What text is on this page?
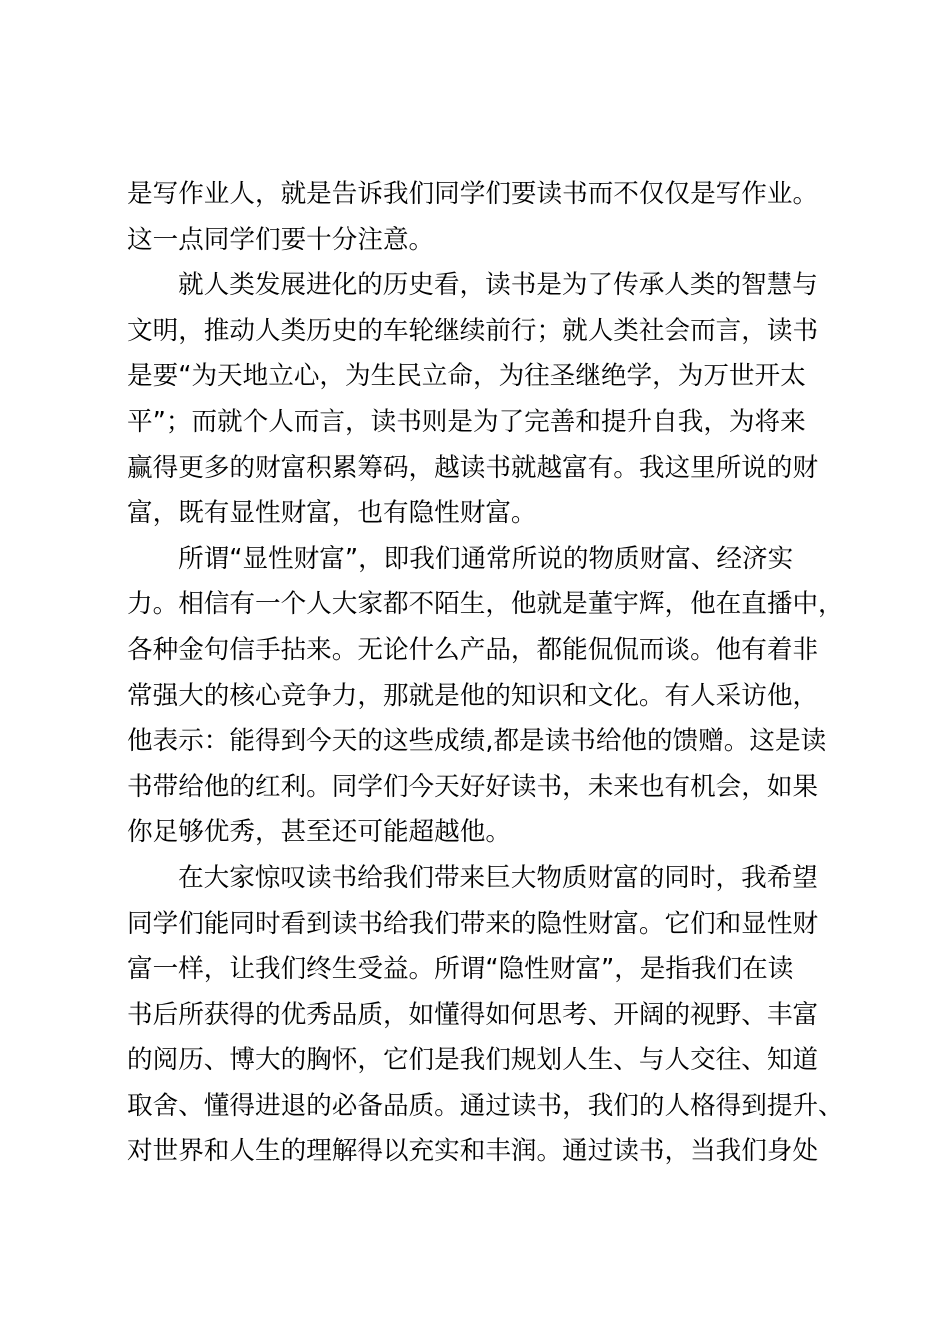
是写作业人，就是告诉我们同学们要读书而不仅仅是写作业。
这一点同学们要十分注意。
就人类发展进化的历史看，读书是为了传承人类的智慧与
文明，推动人类历史的车轮继续前行；就人类社会而言，读书
是要“为天地立心，为生民立命，为往圣继绝学，为万世开太
平”；而就个人而言，读书则是为了完善和提升自我，为将来
赢得更多的财富积累筹码，越读书就越富有。我这里所说的财
富，既有显性财富，也有隐性财富。
所谓“显性财富”，即我们通常所说的物质财富、经济实
力。相信有一个人大家都不陌生，他就是董宇辉，他在直播中，
各种金句信手拈来。无论什么产品，都能侃侃而谈。他有着非
常强大的核心竞争力，那就是他的知识和文化。有人采访他，
他表示：能得到今天的这些成绩,都是读书给他的馈赠。这是读
书带给他的红利。同学们今天好好读书，未来也有机会，如果
你足够优秀，甚至还可能超越他。
在大家惊叹读书给我们带来巨大物质财富的同时，我希望
同学们能同时看到读书给我们带来的隐性财富。它们和显性财
富一样，让我们终生受益。所谓“隐性财富”，是指我们在读
书后所获得的优秀品质，如懂得如何思考、开阔的视野、丰富
的阅历、博大的胸怀，它们是我们规划人生、与人交往、知道
取舍、懂得进退的必备品质。通过读书，我们的人格得到提升、
对世界和人生的理解得以充实和丰润。通过读书，当我们身处
